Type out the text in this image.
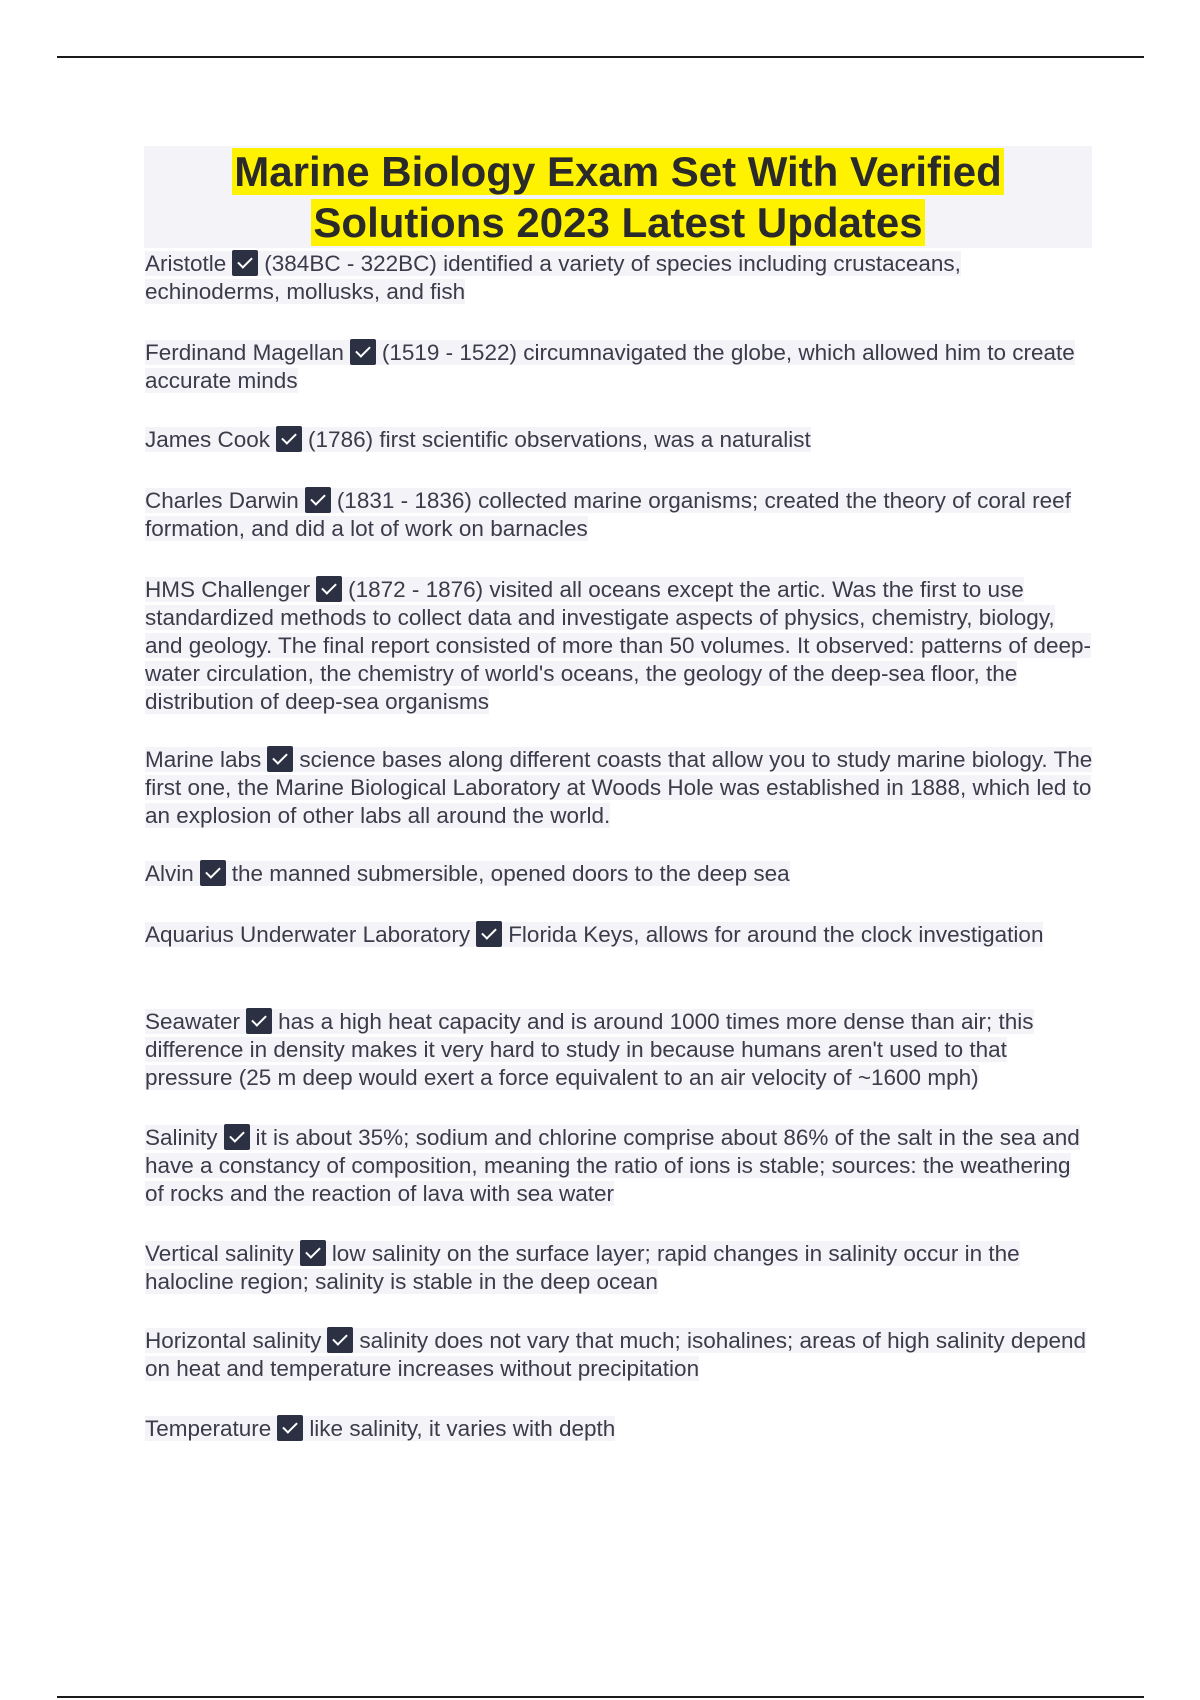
Marine Biology Exam Set With Verified
Solutions 2023 Latest Updates
Aristotle (384BC - 322BC) identified a variety of species including crustaceans, echinoderms, mollusks, and fish
Ferdinand Magellan (1519 - 1522) circumnavigated the globe, which allowed him to create accurate minds
James Cook (1786) first scientific observations, was a naturalist
Charles Darwin (1831 - 1836) collected marine organisms; created the theory of coral reef formation, and did a lot of work on barnacles
HMS Challenger (1872 - 1876) visited all oceans except the artic. Was the first to use standardized methods to collect data and investigate aspects of physics, chemistry, biology, and geology. The final report consisted of more than 50 volumes. It observed: patterns of deep-water circulation, the chemistry of world's oceans, the geology of the deep-sea floor, the distribution of deep-sea organisms
Marine labs science bases along different coasts that allow you to study marine biology. The first one, the Marine Biological Laboratory at Woods Hole was established in 1888, which led to an explosion of other labs all around the world.
Alvin the manned submersible, opened doors to the deep sea
Aquarius Underwater Laboratory Florida Keys, allows for around the clock investigation
Seawater has a high heat capacity and is around 1000 times more dense than air; this difference in density makes it very hard to study in because humans aren't used to that pressure (25 m deep would exert a force equivalent to an air velocity of ~1600 mph)
Salinity it is about 35%; sodium and chlorine comprise about 86% of the salt in the sea and have a constancy of composition, meaning the ratio of ions is stable; sources: the weathering of rocks and the reaction of lava with sea water
Vertical salinity low salinity on the surface layer; rapid changes in salinity occur in the halocline region; salinity is stable in the deep ocean
Horizontal salinity salinity does not vary that much; isohalines; areas of high salinity depend on heat and temperature increases without precipitation
Temperature like salinity, it varies with depth
